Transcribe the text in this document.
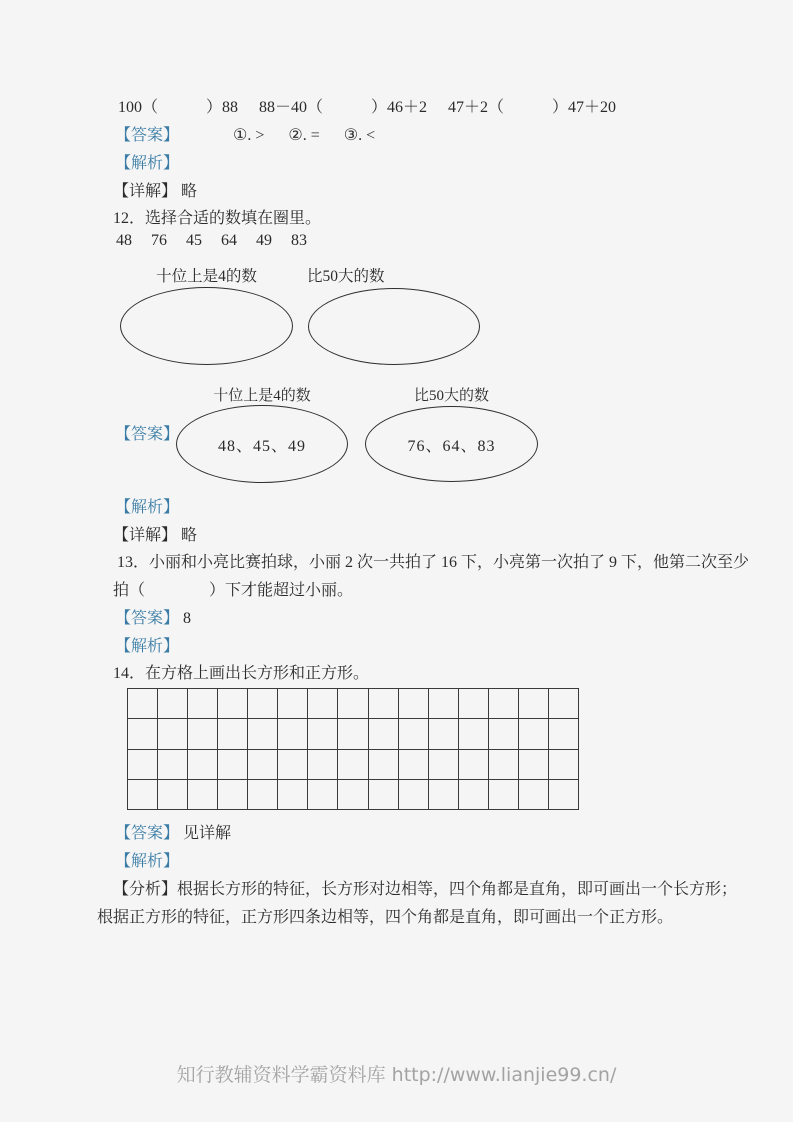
100（　　　）88 88－40（　　　）46＋2 47＋2（　　　）47＋20
【答案】	①. > ②. = ③. <
【解析】
【详解】 略
12．选择合适的数填在圈里。
48 76 45 64 49 83
十位上是4的数	比50大的数
十位上是4的数	比50大的数
【答案】
48、45、49	76、64、83
【解析】
【详解】 略
13．小丽和小亮比赛拍球，小丽 2 次一共拍了 16 下，小亮第一次拍了 9 下，他第二次至少
拍（　　　　）下才能超过小丽。
【答案】 8
【解析】
14．在方格上画出长方形和正方形。
【答案】 见详解
【解析】
【分析】 根据长方形的特征，长方形对边相等，四个角都是直角，即可画出一个长方形；
根据正方形的特征，正方形四条边相等，四个角都是直角，即可画出一个正方形。
知行教辅资料学霸资料库 http://www.lianjie99.cn/
